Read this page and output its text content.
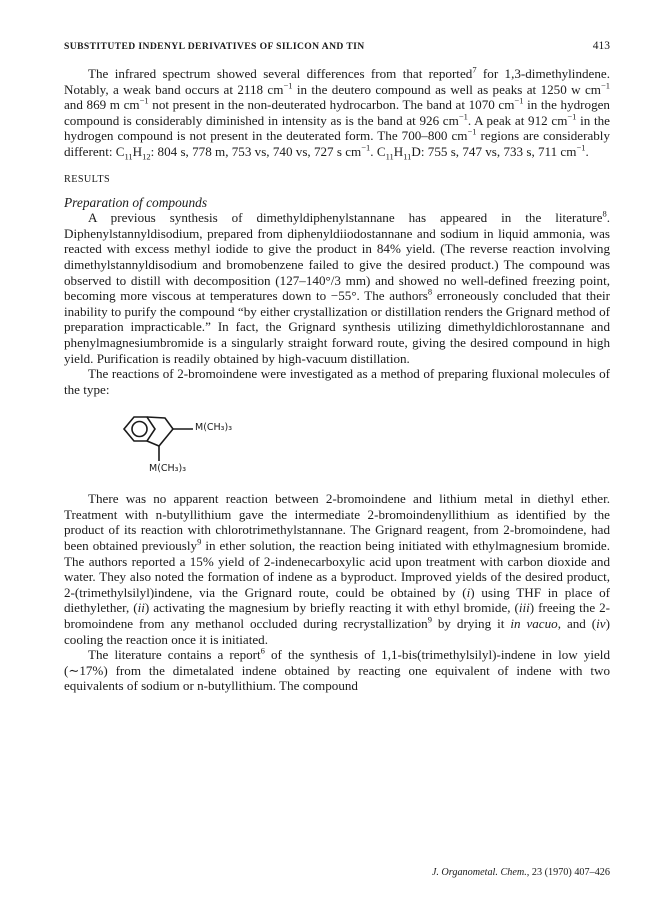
SUBSTITUTED INDENYL DERIVATIVES OF SILICON AND TIN	413

The infrared spectrum showed several differences from that reported$^7$ for 1,3-dimethylindene. Notably, a weak band occurs at 2118 $cm^{-1}$ in the deutero compound as well as peaks at 1250 w $cm^{-1}$ and 869 m $cm^{-1}$ not present in the non-deuterated hydrocarbon. The band at 1070 $cm^{-1}$ in the hydrogen compound is considerably diminished in intensity as is the band at 926 $cm^{-1}$. A peak at 912 $cm^{-1}$ in the hydrogen compound is not present in the deuterated form. The 700–800 $cm^{-1}$ regions are considerably different: $C_{11}H_{12}$: 804 s, 778 m, 753 vs, 740 vs, 727 s $cm^{-1}$. $C_{11}H_{11}D$: 755 s, 747 vs, 733 s, 711 $cm^{-1}$.

RESULTS
Preparation of compounds

A previous synthesis of dimethyldiphenylstannane has appeared in the literature$^8$. Diphenylstannyldisodium, prepared from diphenyldiiodostannane and sodium in liquid ammonia, was reacted with excess methyl iodide to give the product in 84% yield. (The reverse reaction involving dimethylstannyldisodium and bromobenzene failed to give the desired product.) The compound was observed to distill with decomposition (127–140°/3 mm) and showed no well-defined freezing point, becoming more viscous at temperatures down to −55°. The authors$^8$ erroneously concluded that their inability to purify the compound “by either crystallization or distillation renders the Grignard method of preparation impracticable.” In fact, the Grignard synthesis utilizing dimethyldichlorostannane and phenylmagnesiumbromide is a singularly straight forward route, giving the desired compound in high yield. Purification is readily obtained by high-vacuum distillation.

The reactions of 2-bromoindene were investigated as a method of preparing fluxional molecules of the type:

M(CH₃)₃
M(CH₃)₃

There was no apparent reaction between 2-bromoindene and lithium metal in diethyl ether. Treatment with n-butyllithium gave the intermediate 2-bromoindenyllithium as identified by the product of its reaction with chlorotrimethylstannane. The Grignard reagent, from 2-bromoindene, had been obtained previously$^9$ in ether solution, the reaction being initiated with ethylmagnesium bromide. The authors reported a 15% yield of 2-indenecarboxylic acid upon treatment with carbon dioxide and water. They also noted the formation of indene as a byproduct. Improved yields of the desired product, 2-(trimethylsilyl)indene, via the Grignard route, could be obtained by (i) using THF in place of diethylether, (ii) activating the magnesium by briefly reacting it with ethyl bromide, (iii) freeing the 2-bromoindene from any methanol occluded during recrystallization$^9$ by drying it in vacuo, and (iv) cooling the reaction once it is initiated.

The literature contains a report$^6$ of the synthesis of 1,1-bis(trimethylsilyl)-indene in low yield (∼17%) from the dimetalated indene obtained by reacting one equivalent of indene with two equivalents of sodium or n-butyllithium. The compound

J. Organometal. Chem., 23 (1970) 407–426
